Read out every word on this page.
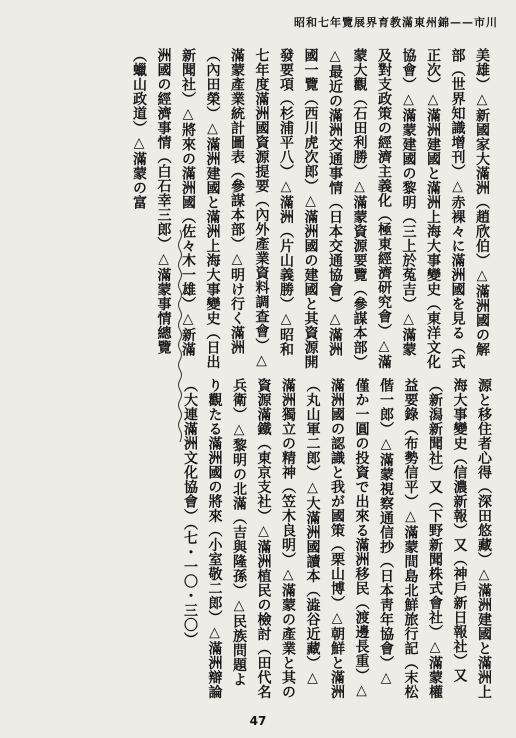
川市——錦州東滿教育界展覽年七和昭
美雄）△新國家大滿洲（趙欣伯）△滿洲國の解部（世界知識增刊）△赤裸々に滿洲國を見る（式正次）△滿洲建國と滿洲上海大事變史（東洋文化協會）△滿蒙建國の黎明（三上於菟吉）△滿蒙及對支政策の經濟主義化（極東經濟研究會）△滿蒙大觀（石田利勝）△滿蒙資源要覽（參謀本部）△最近の滿洲交通事情（日本交通協會）△滿洲國一覽（西川虎次郎）△滿洲國の建國と其資源開發要項（杉浦平八）△滿洲（片山義勝）△昭和七年度滿洲國資源提要（內外產業資料調查會）△滿蒙產業統計圖表（參謀本部）△明け行く滿洲（內田榮）△滿洲建國と滿洲上海大事變史（日出新聞社）△將來の滿洲國（佐々木一雄）△新滿洲國の經濟事情（白石幸三郎）△滿蒙事情總覽（蠟山政道）△滿蒙の富
源と移住者心得（深田悠藏）△滿洲建國と滿洲上海大事變史（信濃新報）又（神戶新日報社）又（新潟新聞社）又（下野新聞株式會社）△滿蒙權益要錄（布勢信平）△滿蒙間島北鮮旅行記（末松偕一郎）△滿蒙視察通信抄（日本靑年協會）△僅か一圓の投資で出來る滿洲移民（渡邊長重）△滿洲國の認識と我が國策（栗山博）△朝鮮と滿洲（丸山軍二郎）△大滿洲國讀本（澁谷近藏）△滿洲獨立の精神（笠木良明）△滿蒙の產業と其の資源滿鐵（東京支社）△滿洲植民の檢討（田代名兵衛）△黎明の北滿（吉與隆孫）△民族問題より觀たる滿洲國の將來（小室敬二郎）△滿洲辯論（大連滿洲文化協會）（七・一〇・三〇）
47
